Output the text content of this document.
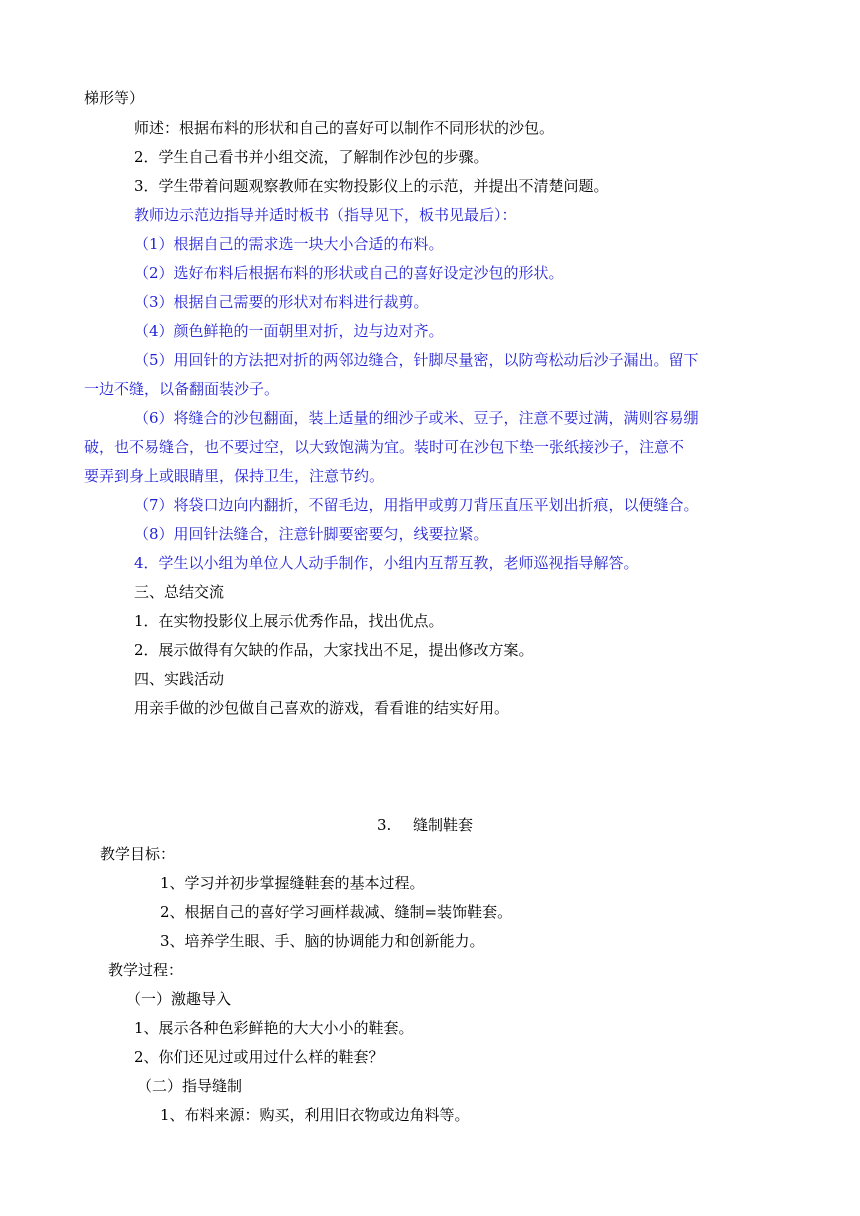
梯形等）
师述：根据布料的形状和自己的喜好可以制作不同形状的沙包。
2．学生自己看书并小组交流，了解制作沙包的步骤。
3．学生带着问题观察教师在实物投影仪上的示范，并提出不清楚问题。
教师边示范边指导并适时板书（指导见下，板书见最后）：
（1）根据自己的需求选一块大小合适的布料。
（2）选好布料后根据布料的形状或自己的喜好设定沙包的形状。
（3）根据自己需要的形状对布料进行裁剪。
（4）颜色鲜艳的一面朝里对折，边与边对齐。
（5）用回针的方法把对折的两邻边缝合，针脚尽量密，以防弯松动后沙子漏出。留下
一边不缝，以备翻面装沙子。
（6）将缝合的沙包翻面，装上适量的细沙子或米、豆子，注意不要过满，满则容易绷
破，也不易缝合，也不要过空，以大致饱满为宜。装时可在沙包下垫一张纸接沙子，注意不
要弄到身上或眼睛里，保持卫生，注意节约。
（7）将袋口边向内翻折，不留毛边，用指甲或剪刀背压直压平划出折痕，以便缝合。
（8）用回针法缝合，注意针脚要密要匀，线要拉紧。
4．学生以小组为单位人人动手制作，小组内互帮互教，老师巡视指导解答。
三、总结交流
1．在实物投影仪上展示优秀作品，找出优点。
2．展示做得有欠缺的作品，大家找出不足，提出修改方案。
四、实践活动
用亲手做的沙包做自己喜欢的游戏，看看谁的结实好用。
3. 缝制鞋套
教学目标：
1、学习并初步掌握缝鞋套的基本过程。
2、根据自己的喜好学习画样裁减、缝制=装饰鞋套。
3、培养学生眼、手、脑的协调能力和创新能力。
教学过程：
（一）激趣导入
1、展示各种色彩鲜艳的大大小小的鞋套。
2、你们还见过或用过什么样的鞋套？
（二）指导缝制
1、布料来源：购买，利用旧衣物或边角料等。
